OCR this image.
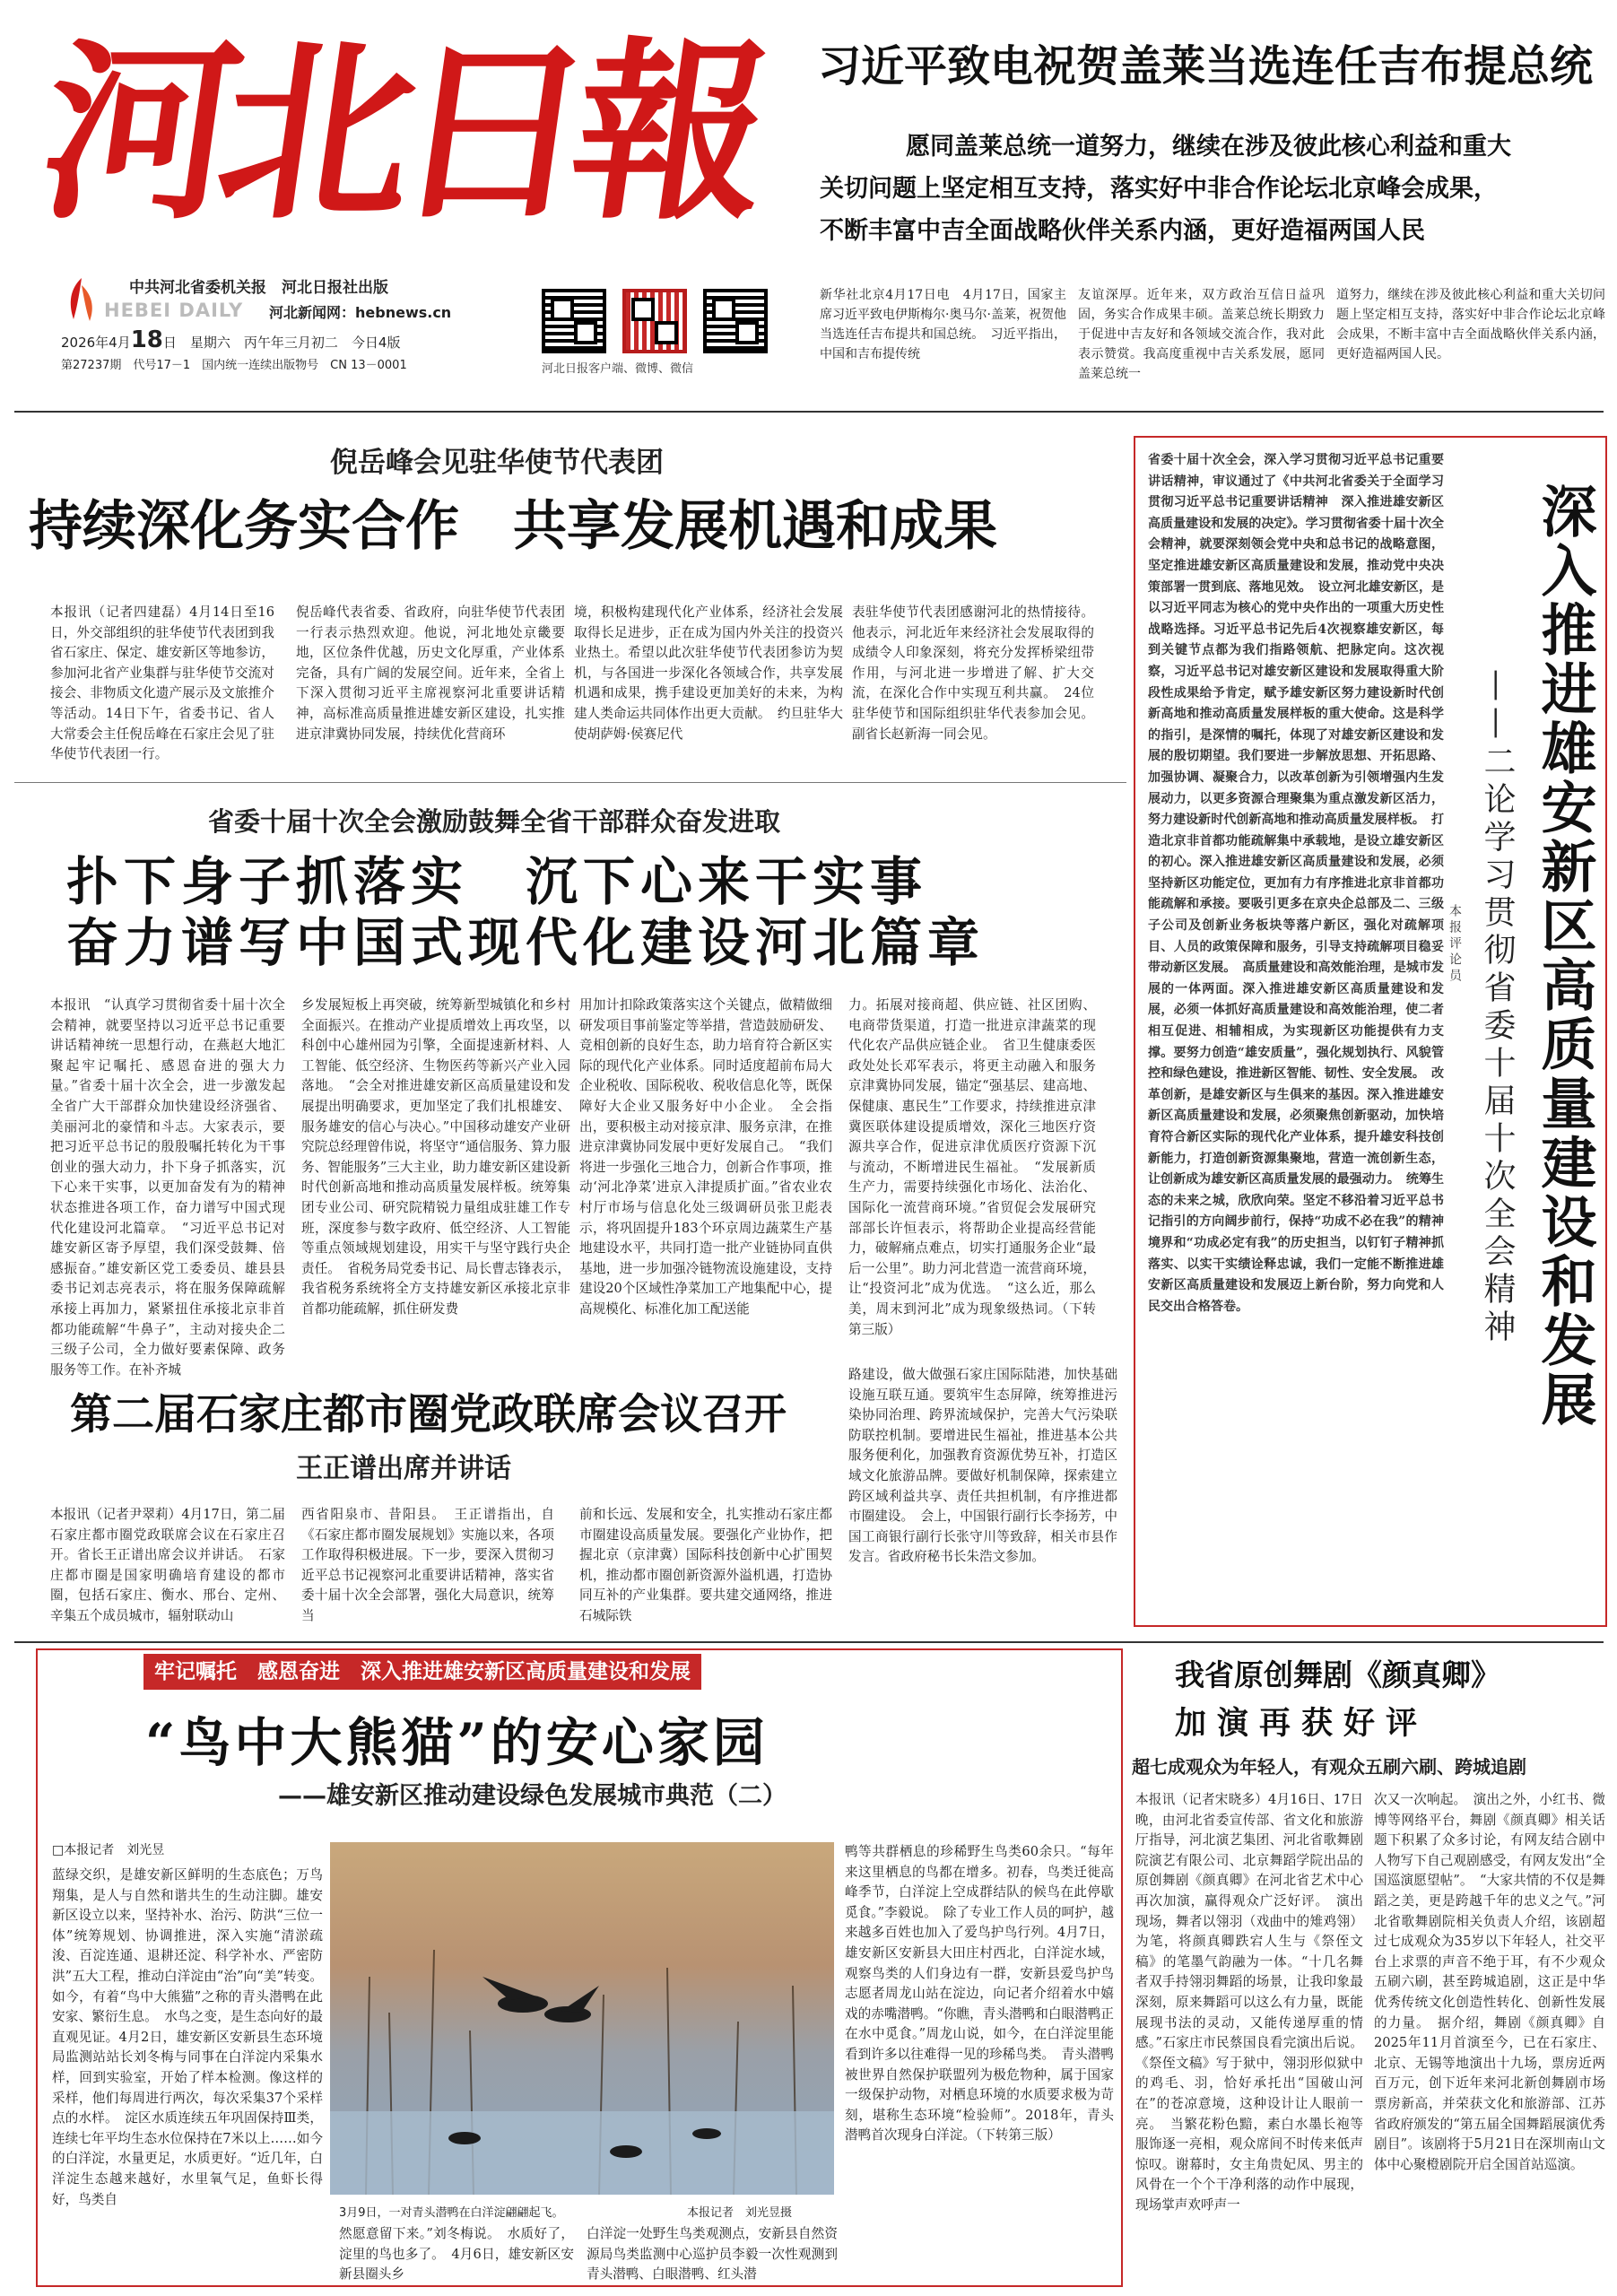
河北日報
中共河北省委机关报　河北日报社出版
HEBEI DAILY 河北新闻网：hebnews.cn
2026年4月18日　星期六　丙午年三月初二　今日4版
第27237期　代号17－1　国内统一连续出版物号　CN 13－0001	河北日报客户端、微博、微信
习近平致电祝贺盖莱当选连任吉布提总统
愿同盖莱总统一道努力，继续在涉及彼此核心利益和重大
关切问题上坚定相互支持，落实好中非合作论坛北京峰会成果，
不断丰富中吉全面战略伙伴关系内涵，更好造福两国人民

新华社北京4月17日电　4月17日，国家主席习近平致电伊斯梅尔·奥马尔·盖莱，祝贺他当选连任吉布提共和国总统。　习近平指出，中国和吉布提传统

友谊深厚。近年来，双方政治互信日益巩固，务实合作成果丰硕。盖莱总统长期致力于促进中吉友好和各领域交流合作，我对此表示赞赏。我高度重视中吉关系发展，愿同盖莱总统一

道努力，继续在涉及彼此核心利益和重大关切问题上坚定相互支持，落实好中非合作论坛北京峰会成果，不断丰富中吉全面战略伙伴关系内涵，更好造福两国人民。

倪岳峰会见驻华使节代表团
持续深化务实合作　共享发展机遇和成果

本报讯（记者四建磊）4月14日至16日，外交部组织的驻华使节代表团到我省石家庄、保定、雄安新区等地参访，参加河北省产业集群与驻华使节交流对接会、非物质文化遗产展示及文旅推介等活动。14日下午，省委书记、省人大常委会主任倪岳峰在石家庄会见了驻华使节代表团一行。

倪岳峰代表省委、省政府，向驻华使节代表团一行表示热烈欢迎。他说，河北地处京畿要地，区位条件优越，历史文化厚重，产业体系完备，具有广阔的发展空间。近年来，全省上下深入贯彻习近平主席视察河北重要讲话精神，高标准高质量推进雄安新区建设，扎实推进京津冀协同发展，持续优化营商环

境，积极构建现代化产业体系，经济社会发展取得长足进步，正在成为国内外关注的投资兴业热土。希望以此次驻华使节代表团参访为契机，与各国进一步深化各领域合作，共享发展机遇和成果，携手建设更加美好的未来，为构建人类命运共同体作出更大贡献。　约旦驻华大使胡萨姆·侯赛尼代

表驻华使节代表团感谢河北的热情接待。他表示，河北近年来经济社会发展取得的成绩令人印象深刻，将充分发挥桥梁纽带作用，与河北进一步增进了解、扩大交流，在深化合作中实现互利共赢。　24位驻华使节和国际组织驻华代表参加会见。副省长赵新海一同会见。

省委十届十次全会激励鼓舞全省干部群众奋发进取
扑下身子抓落实　沉下心来干实事
奋力谱写中国式现代化建设河北篇章

本报讯　“认真学习贯彻省委十届十次全会精神，就要坚持以习近平总书记重要讲话精神统一思想行动，在燕赵大地汇聚起牢记嘱托、感恩奋进的强大力量。”省委十届十次全会，进一步激发起全省广大干部群众加快建设经济强省、美丽河北的豪情和斗志。大家表示，要把习近平总书记的殷殷嘱托转化为干事创业的强大动力，扑下身子抓落实，沉下心来干实事，以更加奋发有为的精神状态推进各项工作，奋力谱写中国式现代化建设河北篇章。　“习近平总书记对雄安新区寄予厚望，我们深受鼓舞、倍感振奋。”雄安新区党工委委员、雄县县委书记刘志亮表示，将在服务保障疏解承接上再加力，紧紧扭住承接北京非首都功能疏解“牛鼻子”，主动对接央企二三级子公司，全力做好要素保障、政务服务等工作。在补齐城

乡发展短板上再突破，统筹新型城镇化和乡村全面振兴。在推动产业提质增效上再攻坚，以科创中心雄州园为引擎，全面提速新材料、人工智能、低空经济、生物医药等新兴产业入园落地。　“会全对推进雄安新区高质量建设和发展提出明确要求，更加坚定了我们扎根雄安、服务雄安的信心与决心。”中国移动雄安产业研究院总经理曾伟说，将坚守“通信服务、算力服务、智能服务”三大主业，助力雄安新区建设新时代创新高地和推动高质量发展样板。统筹集团专业公司、研究院精锐力量组成驻雄工作专班，深度参与数字政府、低空经济、人工智能等重点领域规划建设，用实干与坚守践行央企责任。　省税务局党委书记、局长曹志锋表示，我省税务系统将全方支持雄安新区承接北京非首都功能疏解，抓住研发费

用加计扣除政策落实这个关键点，做精做细研发项目事前鉴定等举措，营造鼓励研发、竞相创新的良好生态，助力培育符合新区实际的现代化产业体系。同时适度超前布局大企业税收、国际税收、税收信息化等，既保障好大企业又服务好中小企业。　全会指出，要积极主动对接京津、服务京津，在推进京津冀协同发展中更好发展自己。　“我们将进一步强化三地合力，创新合作事项，推动‘河北净菜’进京入津提质扩面。”省农业农村厅市场与信息化处三级调研员张卫彪表示，将巩固提升183个环京周边蔬菜生产基地建设水平，共同打造一批产业链协同直供基地，进一步加强冷链物流设施建设，支持建设20个区域性净菜加工产地集配中心，提高规模化、标准化加工配送能

力。拓展对接商超、供应链、社区团购、电商带货渠道，打造一批进京津蔬菜的现代化农产品供应链企业。　省卫生健康委医政处处长邓军表示，将更主动融入和服务京津冀协同发展，锚定“强基层、建高地、保健康、惠民生”工作要求，持续推进京津冀医联体建设提质增效，深化三地医疗资源共享合作，促进京津优质医疗资源下沉与流动，不断增进民生福祉。　“发展新质生产力，需要持续强化市场化、法治化、国际化一流营商环境。”省贸促会发展研究部部长许恒表示，将帮助企业提高经营能力，破解痛点难点，切实打通服务企业“最后一公里”。助力河北营造一流营商环境，让“投资河北”成为优选。　“这么近，那么美，周末到河北”成为现象级热词。（下转第三版）

省委十届十次全会，深入学习贯彻习近平总书记重要讲话精神，审议通过了《中共河北省委关于全面学习贯彻习近平总书记重要讲话精神　深入推进雄安新区高质量建设和发展的决定》。学习贯彻省委十届十次全会精神，就要深刻领会党中央和总书记的战略意图，坚定推进雄安新区高质量建设和发展，推动党中央决策部署一贯到底、落地见效。　设立河北雄安新区，是以习近平同志为核心的党中央作出的一项重大历史性战略选择。习近平总书记先后4次视察雄安新区，每到关键节点都为我们指路领航、把脉定向。这次视察，习近平总书记对雄安新区建设和发展取得重大阶段性成果给予肯定，赋予雄安新区努力建设新时代创新高地和推动高质量发展样板的重大使命。这是科学的指引，是深情的嘱托，体现了对雄安新区建设和发展的殷切期望。我们要进一步解放思想、开拓思路、加强协调、凝聚合力，以改革创新为引领增强内生发展动力，以更多资源合理聚集为重点激发新区活力，努力建设新时代创新高地和推动高质量发展样板。　打造北京非首都功能疏解集中承载地，是设立雄安新区的初心。深入推进雄安新区高质量建设和发展，必须坚持新区功能定位，更加有力有序推进北京非首都功能疏解和承接。要吸引更多在京央企总部及二、三级子公司及创新业务板块等落户新区，强化对疏解项目、人员的政策保障和服务，引导支持疏解项目稳妥带动新区发展。　高质量建设和高效能治理，是城市发展的一体两面。深入推进雄安新区高质量建设和发展，必须一体抓好高质量建设和高效能治理，使二者相互促进、相辅相成，为实现新区功能提供有力支撑。要努力创造“雄安质量”，强化规划执行、风貌管控和绿色建设，推进新区智能、韧性、安全发展。　改革创新，是雄安新区与生俱来的基因。深入推进雄安新区高质量建设和发展，必须聚焦创新驱动，加快培育符合新区实际的现代化产业体系，提升雄安科技创新能力，打造创新资源集聚地，营造一流创新生态，让创新成为雄安新区高质量发展的最强动力。　统筹生态的未来之城，欣欣向荣。坚定不移沿着习近平总书记指引的方向阔步前行，保持“功成不必在我”的精神境界和“功成必定有我”的历史担当，以钉钉子精神抓落实、以实干实绩诠释忠诚，我们一定能不断推进雄安新区高质量建设和发展迈上新台阶，努力向党和人民交出合格答卷。

本报评论员 ——二论学习贯彻省委十届十次全会精神 深入推进雄安新区高质量建设和发展
第二届石家庄都市圈党政联席会议召开
王正谱出席并讲话

本报讯（记者尹翠莉）4月17日，第二届石家庄都市圈党政联席会议在石家庄召开。省长王正谱出席会议并讲话。　石家庄都市圈是国家明确培育建设的都市圈，包括石家庄、衡水、邢台、定州、辛集五个成员城市，辐射联动山

西省阳泉市、昔阳县。　王正谱指出，自《石家庄都市圈发展规划》实施以来，各项工作取得积极进展。下一步，要深入贯彻习近平总书记视察河北重要讲话精神，落实省委十届十次全会部署，强化大局意识，统筹当

前和长远、发展和安全，扎实推动石家庄都市圈建设高质量发展。要强化产业协作，把握北京（京津冀）国际科技创新中心扩围契机，推动都市圈创新资源外溢机遇，打造协同互补的产业集群。要共建交通网络，推进石城际铁

路建设，做大做强石家庄国际陆港，加快基础设施互联互通。要筑牢生态屏障，统筹推进污染协同治理、跨界流域保护，完善大气污染联防联控机制。要增进民生福祉，推进基本公共服务便利化，加强教育资源优势互补，打造区域文化旅游品牌。要做好机制保障，探索建立跨区域利益共享、责任共担机制，有序推进都市圈建设。　会上，中国银行副行长李扬芳，中国工商银行副行长张守川等致辞，相关市县作发言。省政府秘书长朱浩文参加。

牢记嘱托　感恩奋进　深入推进雄安新区高质量建设和发展
“鸟中大熊猫”的安心家园
——雄安新区推动建设绿色发展城市典范（二）
□本报记者　刘光昱

蓝绿交织，是雄安新区鲜明的生态底色；万鸟翔集，是人与自然和谐共生的生动注脚。雄安新区设立以来，坚持补水、治污、防洪“三位一体”统筹规划、协调推进，深入实施“清淤疏浚、百淀连通、退耕还淀、科学补水、严密防洪”五大工程，推动白洋淀由“治”向“美”转变。如今，有着“鸟中大熊猫”之称的青头潜鸭在此安家、繁衍生息。　水鸟之变，是生态向好的最直观见证。4月2日，雄安新区安新县生态环境局监测站站长刘冬梅与同事在白洋淀内采集水样，回到实验室，开始了样本检测。像这样的采样，他们每周进行两次，每次采集37个采样点的水样。　淀区水质连续五年巩固保持Ⅲ类，连续七年平均生态水位保持在7米以上……如今的白洋淀，水量更足，水质更好。“近几年，白洋淀生态越来越好，水里氧气足，鱼虾长得好，鸟类自

3月9日，一对青头潜鸭在白洋淀翩翩起飞。	本报记者　刘光昱摄

然愿意留下来。”刘冬梅说。　水质好了，淀里的鸟也多了。　4月6日，雄安新区安新县圈头乡

白洋淀一处野生鸟类观测点，安新县自然资源局鸟类监测中心巡护员李毅一次性观测到青头潜鸭、白眼潜鸭、红头潜

鸭等共群栖息的珍稀野生鸟类60余只。“每年来这里栖息的鸟都在增多。初春，鸟类迁徙高峰季节，白洋淀上空成群结队的候鸟在此停歇觅食。”李毅说。　除了专业工作人员的呵护，越来越多百姓也加入了爱鸟护鸟行列。4月7日，雄安新区安新县大田庄村西北，白洋淀水域，观察鸟类的人们身边有一群，安新县爱鸟护鸟志愿者周龙山站在淀边，向记者介绍着水中嬉戏的赤嘴潜鸭。“你瞧，青头潜鸭和白眼潜鸭正在水中觅食。”周龙山说，如今，在白洋淀里能看到许多以往难得一见的珍稀鸟类。　青头潜鸭被世界自然保护联盟列为极危物种，属于国家一级保护动物，对栖息环境的水质要求极为苛刻，堪称生态环境“检验师”。2018年，青头潜鸭首次现身白洋淀。（下转第三版）

我省原创舞剧《颜真卿》
加演再获好评
超七成观众为年轻人，有观众五刷六刷、跨城追剧

本报讯（记者宋晓多）4月16日、17日晚，由河北省委宣传部、省文化和旅游厅指导，河北演艺集团、河北省歌舞剧院演艺有限公司、北京舞蹈学院出品的原创舞剧《颜真卿》在河北省艺术中心再次加演，赢得观众广泛好评。　演出现场，舞者以翎羽（戏曲中的雉鸡翎）为笔，将颜真卿跌宕人生与《祭侄文稿》的笔墨气韵融为一体。“十几名舞者双手持翎羽舞蹈的场景，让我印象最深刻，原来舞蹈可以这么有力量，既能展现书法的灵动，又能传递厚重的情感。”石家庄市民蔡国良看完演出后说。《祭侄文稿》写于狱中，翎羽形似狱中的鸡毛、羽，恰好承托出“国破山河在”的苍凉意境，这种设计让人眼前一亮。　当繁花粉色黯，素白水墨长袍等服饰逐一亮相，观众席间不时传来低声惊叹。谢幕时，女主角贵妃凤、男主的风骨在一个个干净利落的动作中展现，现场掌声欢呼声一

次又一次响起。　演出之外，小红书、微博等网络平台，舞剧《颜真卿》相关话题下积累了众多讨论，有网友结合剧中人物写下自己观剧感受，有网友发出“全国巡演愿望帖”。　“大家共情的不仅是舞蹈之美，更是跨越千年的忠义之气。”河北省歌舞剧院相关负责人介绍，该剧超过七成观众为35岁以下年轻人，社交平台上求票的声音不绝于耳，有不少观众五刷六刷，甚至跨城追剧，这正是中华优秀传统文化创造性转化、创新性发展的力量。　据介绍，舞剧《颜真卿》自2025年11月首演至今，已在石家庄、北京、无锡等地演出十九场，票房近两百万元，创下近年来河北新创舞剧市场票房新高，并荣获文化和旅游部、江苏省政府颁发的“第五届全国舞蹈展演优秀剧目”。该剧将于5月21日在深圳南山文体中心聚橙剧院开启全国首站巡演。
